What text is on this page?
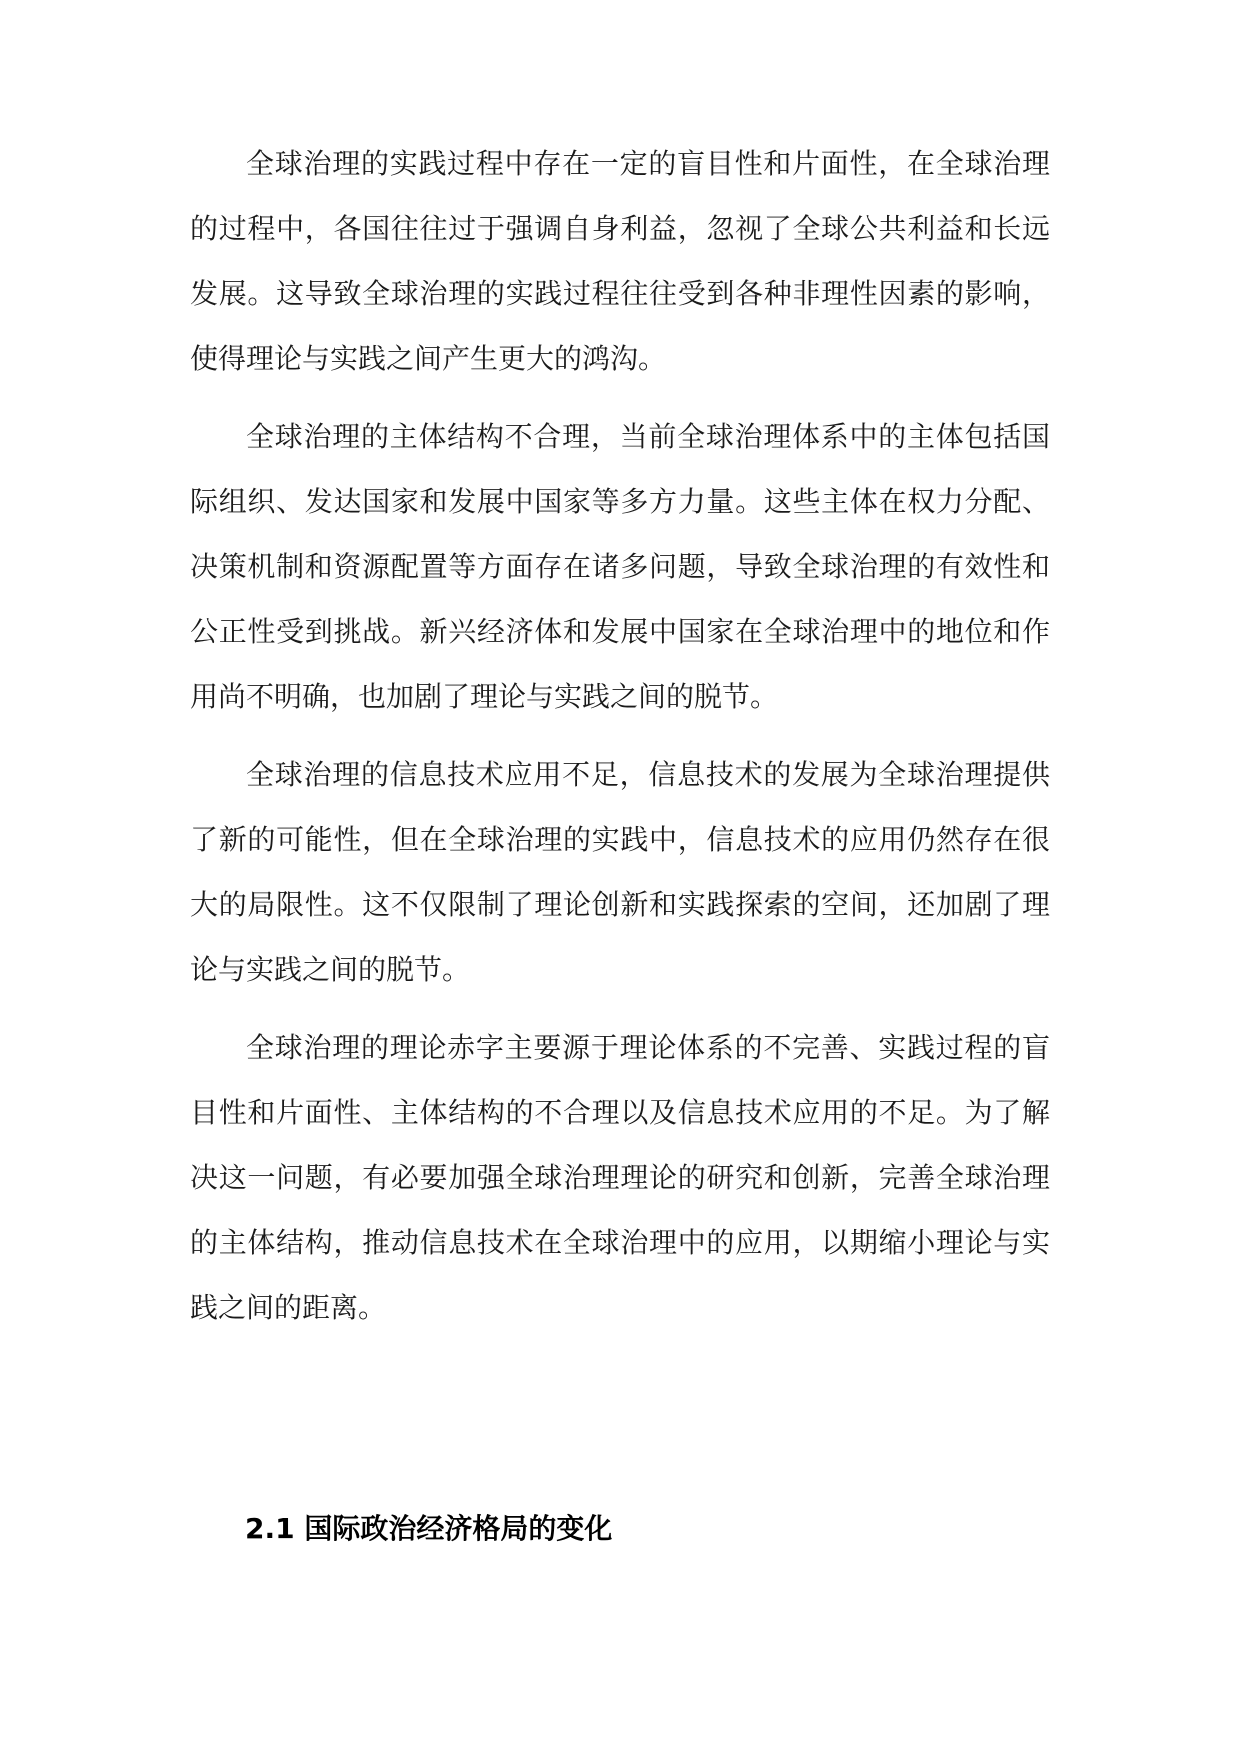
全球治理的实践过程中存在一定的盲目性和片面性，在全球治理的过程中，各国往往过于强调自身利益，忽视了全球公共利益和长远发展。这导致全球治理的实践过程往往受到各种非理性因素的影响，使得理论与实践之间产生更大的鸿沟。

全球治理的主体结构不合理，当前全球治理体系中的主体包括国际组织、发达国家和发展中国家等多方力量。这些主体在权力分配、决策机制和资源配置等方面存在诸多问题，导致全球治理的有效性和公正性受到挑战。新兴经济体和发展中国家在全球治理中的地位和作用尚不明确，也加剧了理论与实践之间的脱节。

全球治理的信息技术应用不足，信息技术的发展为全球治理提供了新的可能性，但在全球治理的实践中，信息技术的应用仍然存在很大的局限性。这不仅限制了理论创新和实践探索的空间，还加剧了理论与实践之间的脱节。

全球治理的理论赤字主要源于理论体系的不完善、实践过程的盲目性和片面性、主体结构的不合理以及信息技术应用的不足。为了解决这一问题，有必要加强全球治理理论的研究和创新，完善全球治理的主体结构，推动信息技术在全球治理中的应用，以期缩小理论与实践之间的距离。

2.1 国际政治经济格局的变化
